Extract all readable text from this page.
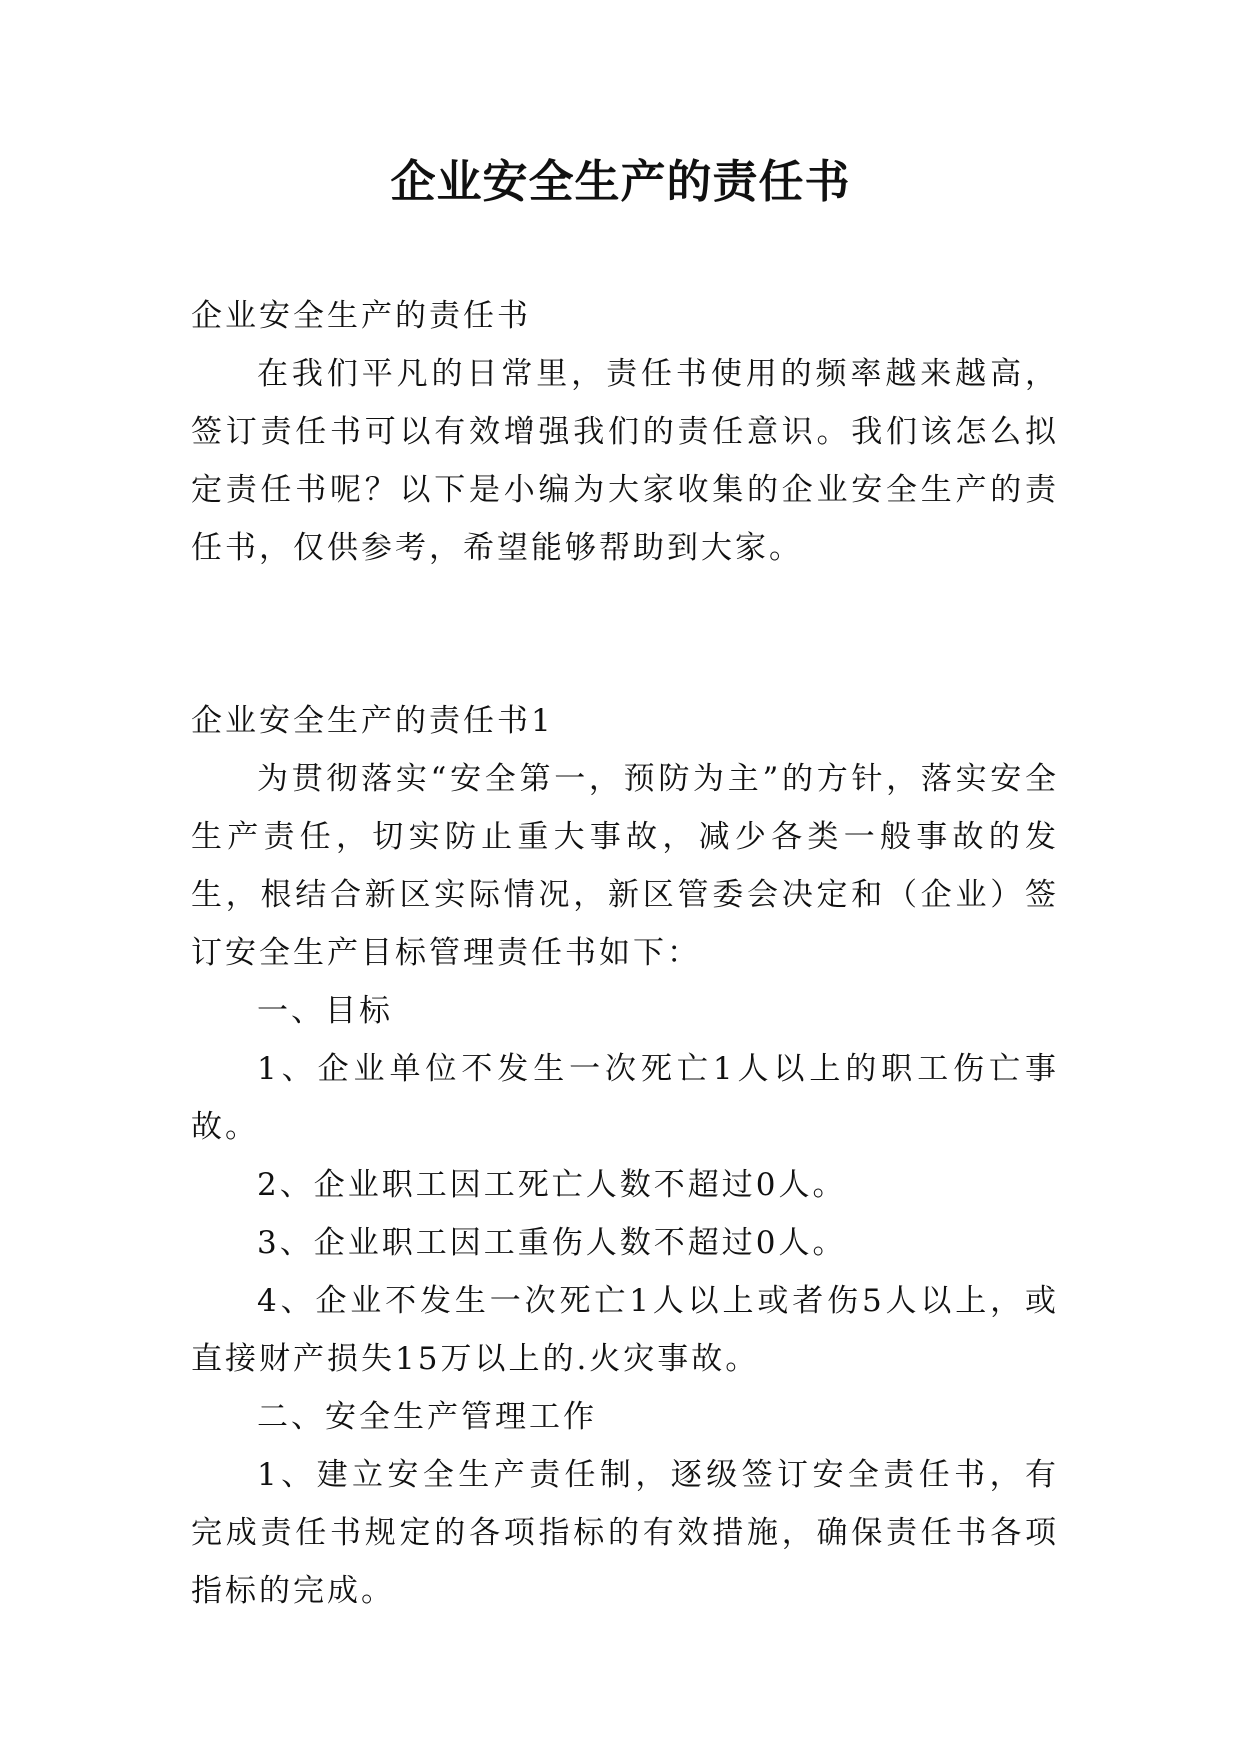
企业安全生产的责任书

企业安全生产的责任书

在我们平凡的日常里，责任书使用的频率越来越高，签订责任书可以有效增强我们的责任意识。我们该怎么拟定责任书呢？以下是小编为大家收集的企业安全生产的责任书，仅供参考，希望能够帮助到大家。

企业安全生产的责任书1

为贯彻落实“安全第一，预防为主”的方针，落实安全生产责任，切实防止重大事故，减少各类一般事故的发生，根结合新区实际情况，新区管委会决定和（企业）签订安全生产目标管理责任书如下：

一、目标

1、企业单位不发生一次死亡1人以上的职工伤亡事故。

2、企业职工因工死亡人数不超过0人。

3、企业职工因工重伤人数不超过0人。

4、企业不发生一次死亡1人以上或者伤5人以上，或直接财产损失15万以上的.火灾事故。

二、安全生产管理工作

1、建立安全生产责任制，逐级签订安全责任书，有完成责任书规定的各项指标的有效措施，确保责任书各项指标的完成。
